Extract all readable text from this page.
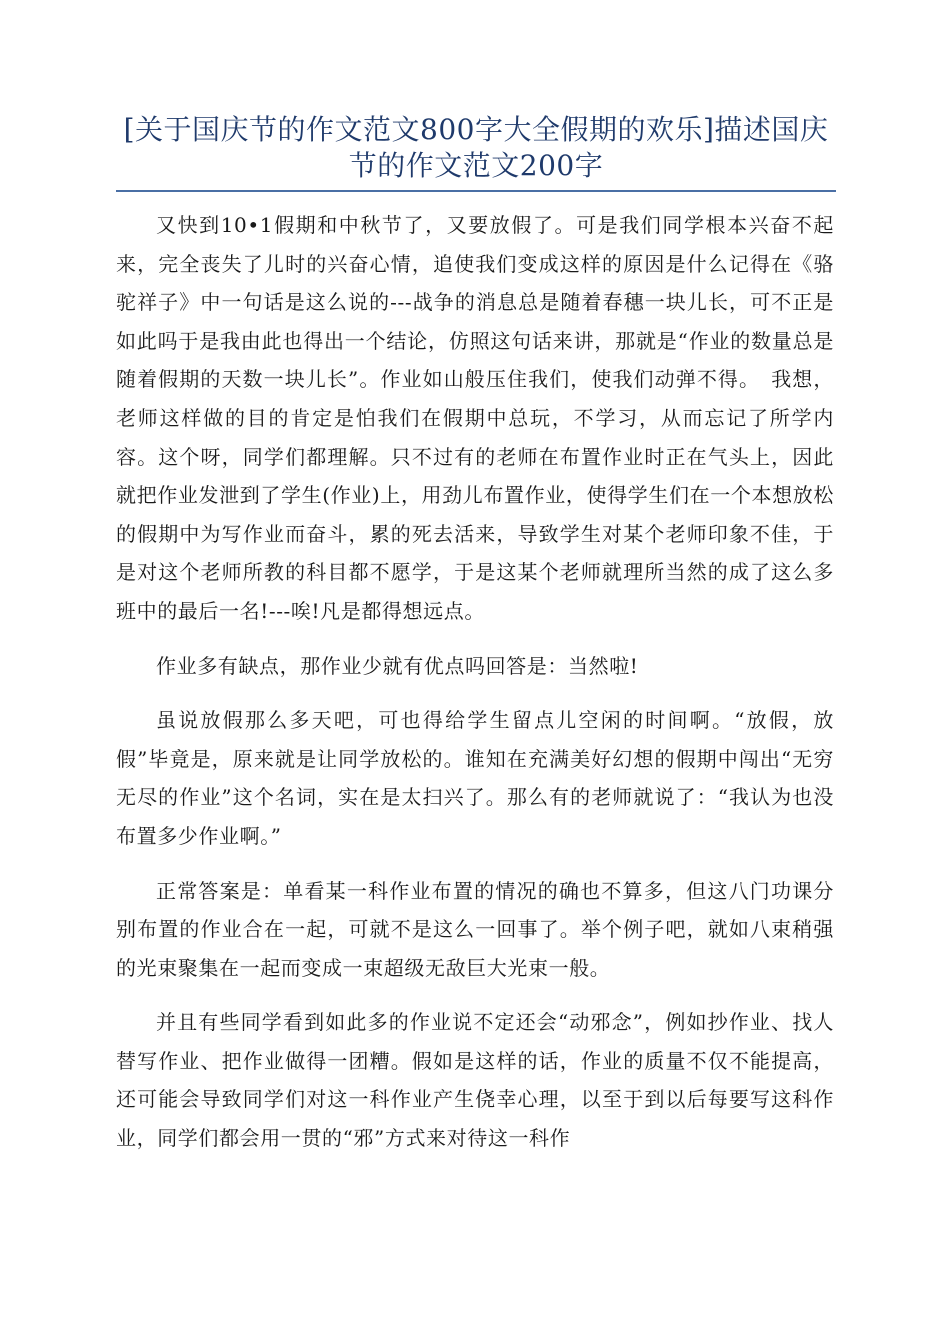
[关于国庆节的作文范文800字大全假期的欢乐]描述国庆节的作文范文200字

又快到10•1假期和中秋节了，又要放假了。可是我们同学根本兴奋不起来，完全丧失了儿时的兴奋心情，追使我们变成这样的原因是什么记得在《骆驼祥子》中一句话是这么说的---战争的消息总是随着春穗一块儿长，可不正是如此吗于是我由此也得出一个结论，仿照这句话来讲，那就是“作业的数量总是随着假期的天数一块儿长”。作业如山般压住我们，使我们动弹不得。　我想，老师这样做的目的肯定是怕我们在假期中总玩，不学习，从而忘记了所学内容。这个呀，同学们都理解。只不过有的老师在布置作业时正在气头上，因此就把作业发泄到了学生(作业)上，用劲儿布置作业，使得学生们在一个本想放松的假期中为写作业而奋斗，累的死去活来，导致学生对某个老师印象不佳，于是对这个老师所教的科目都不愿学，于是这某个老师就理所当然的成了这么多班中的最后一名!---唉!凡是都得想远点。

作业多有缺点，那作业少就有优点吗回答是：当然啦!

虽说放假那么多天吧，可也得给学生留点儿空闲的时间啊。“放假，放假”毕竟是，原来就是让同学放松的。谁知在充满美好幻想的假期中闯出“无穷无尽的作业”这个名词，实在是太扫兴了。那么有的老师就说了：“我认为也没布置多少作业啊。”

正常答案是：单看某一科作业布置的情况的确也不算多，但这八门功课分别布置的作业合在一起，可就不是这么一回事了。举个例子吧，就如八束稍强的光束聚集在一起而变成一束超级无敌巨大光束一般。

并且有些同学看到如此多的作业说不定还会“动邪念”，例如抄作业、找人替写作业、把作业做得一团糟。假如是这样的话，作业的质量不仅不能提高，还可能会导致同学们对这一科作业产生侥幸心理，以至于到以后每要写这科作业，同学们都会用一贯的“邪”方式来对待这一科作
